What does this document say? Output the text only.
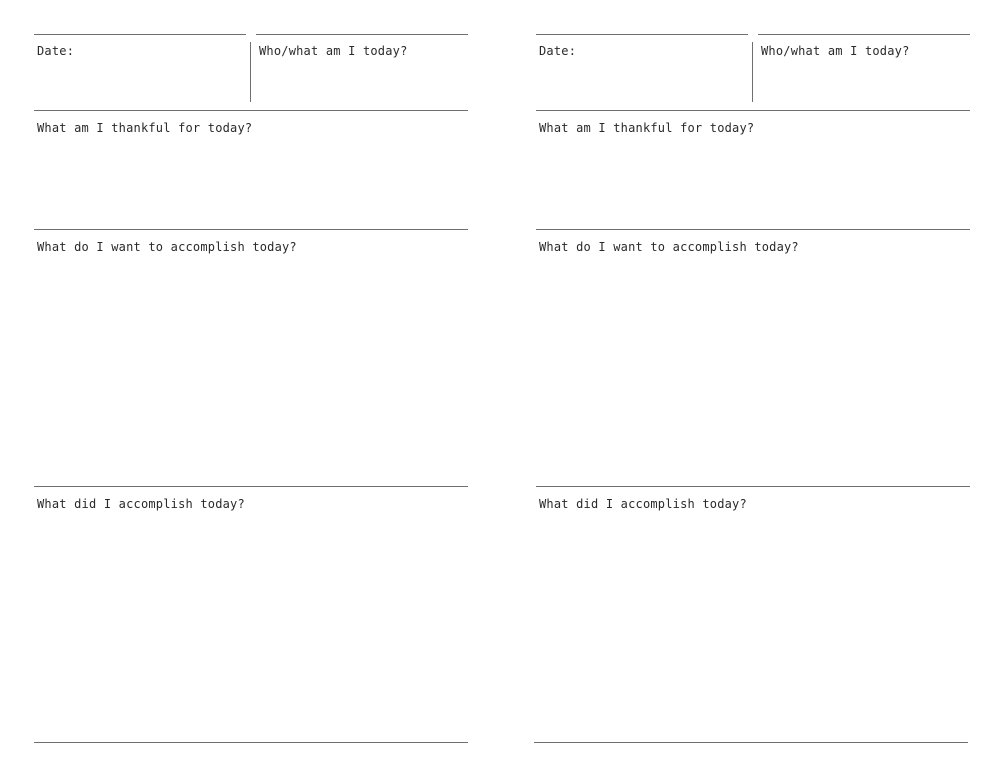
Date:	Who/what am I today?
What am I thankful for today?
What do I want to accomplish today?
What did I accomplish today?
Date:	Who/what am I today?
What am I thankful for today?
What do I want to accomplish today?
What did I accomplish today?
